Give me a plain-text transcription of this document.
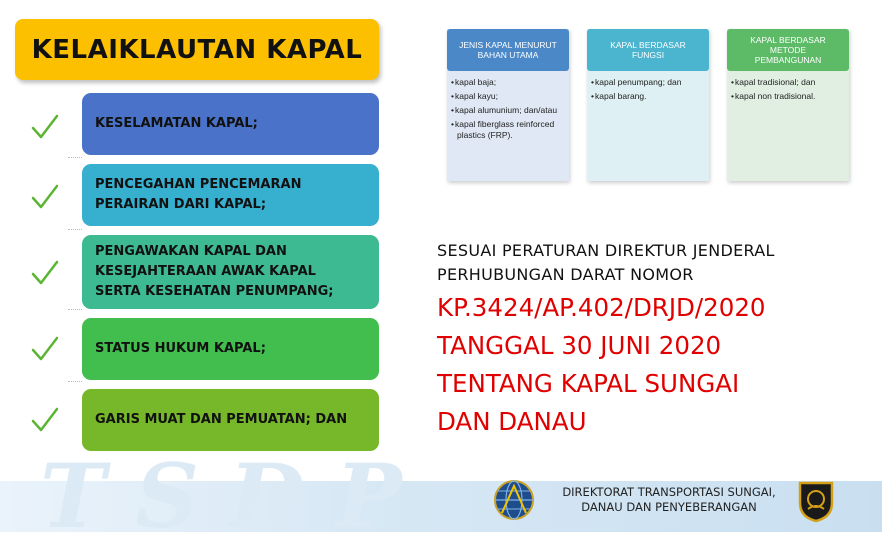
KELAIKLAUTAN KAPAL
KESELAMATAN KAPAL;
PENCEGAHAN PENCEMARAN
PERAIRAN DARI KAPAL;
PENGAWAKAN KAPAL DAN
KESEJAHTERAAN AWAK KAPAL
SERTA KESEHATAN PENUMPANG;
STATUS HUKUM KAPAL;
GARIS MUAT DAN PEMUATAN; DAN
JENIS KAPAL MENURUT
BAHAN UTAMA
• kapal baja;
• kapal kayu;
• kapal alumunium; dan/atau
• kapal fiberglass reinforced plastics (FRP).
KAPAL BERDASAR
FUNGSI
• kapal penumpang; dan
• kapal barang.
KAPAL BERDASAR
METODE
PEMBANGUNAN
• kapal tradisional; dan
• kapal non tradisional.
SESUAI PERATURAN DIREKTUR JENDERAL
PERHUBUNGAN DARAT NOMOR
KP.3424/AP.402/DRJD/2020
TANGGAL 30 JUNI 2020
TENTANG KAPAL SUNGAI
DAN DANAU
TSDP	DIREKTORAT TRANSPORTASI SUNGAI,
DANAU DAN PENYEBERANGAN
